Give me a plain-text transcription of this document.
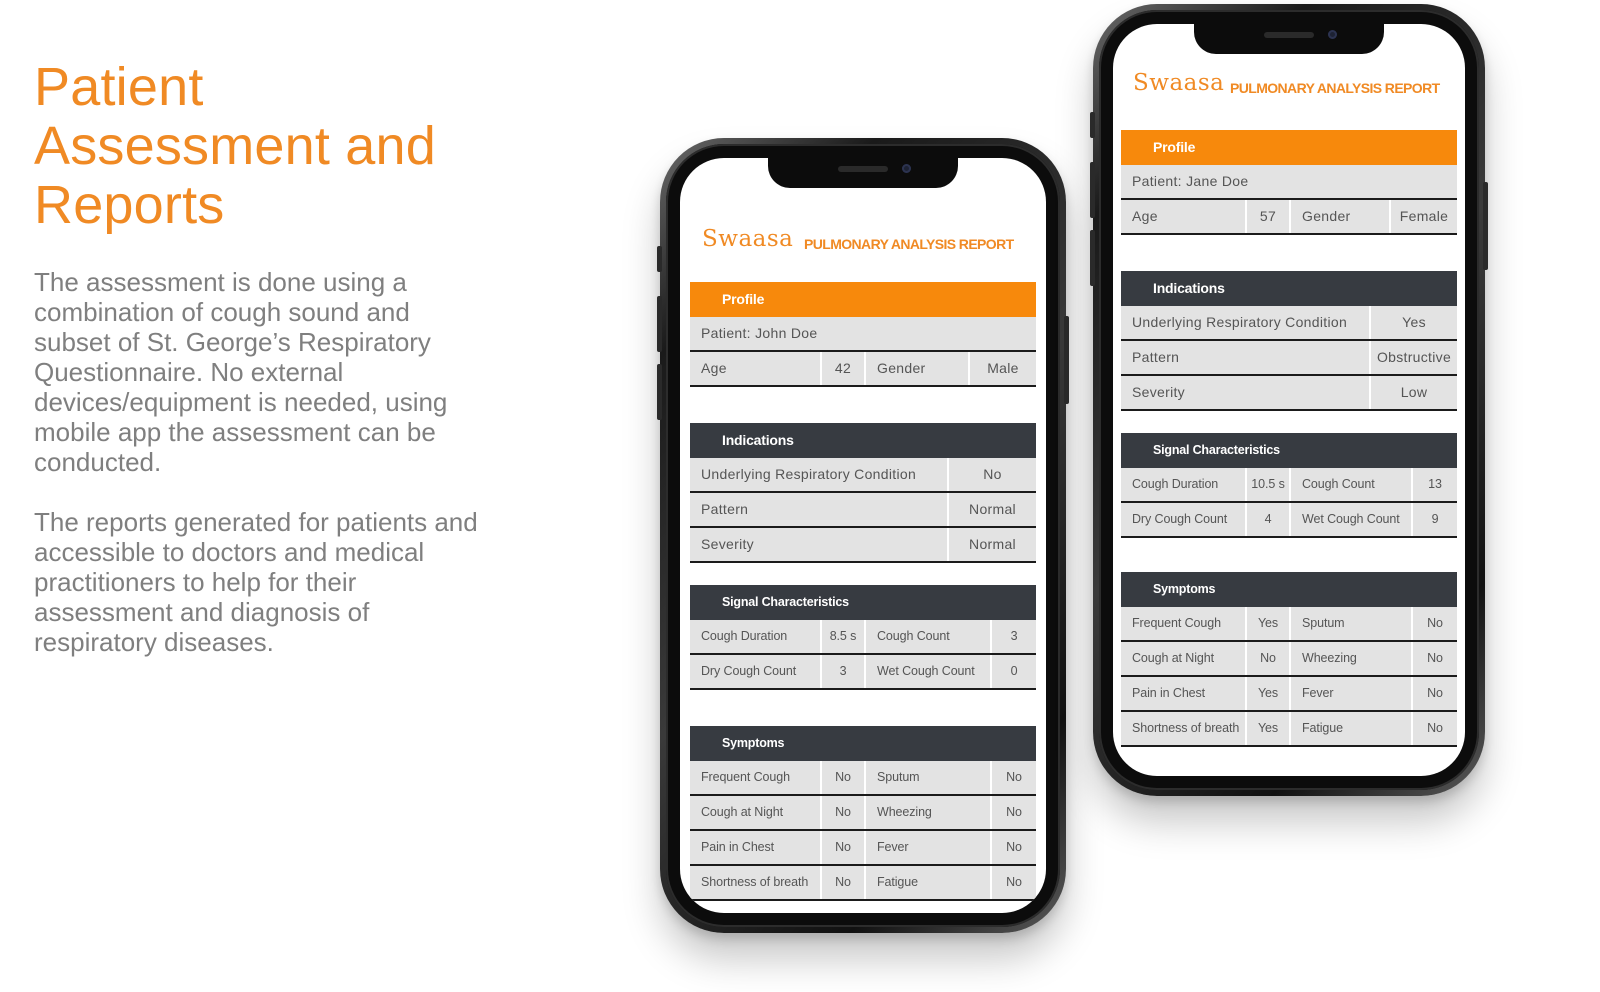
Patient
Assessment and
Reports
The assessment is done using a
combination of cough sound and
subset of St. George’s Respiratory
Questionnaire. No external
devices/equipment is needed, using
mobile app the assessment can be
conducted.
The reports generated for patients and
accessible to doctors and medical
practitioners to help for their
assessment and diagnosis of
respiratory diseases.
Swaasa PULMONARY ANALYSIS REPORT
Profile
Patient: John Doe
Age	42	Gender	Male
Indications
Underlying Respiratory Condition	No
Pattern	Normal
Severity	Normal
Signal Characteristics
Cough Duration	8.5 s	Cough Count	3
Dry Cough Count	3	Wet Cough Count	0
Symptoms
Frequent Cough	No	Sputum	No
Cough at Night	No	Wheezing	No
Pain in Chest	No	Fever	No
Shortness of breath	No	Fatigue	No
Swaasa PULMONARY ANALYSIS REPORT
Profile
Patient: Jane Doe
Age	57	Gender	Female
Indications
Underlying Respiratory Condition	Yes
Pattern	Obstructive
Severity	Low
Signal Characteristics
Cough Duration	10.5 s	Cough Count	13
Dry Cough Count	4	Wet Cough Count	9
Symptoms
Frequent Cough	Yes	Sputum	No
Cough at Night	No	Wheezing	No
Pain in Chest	Yes	Fever	No
Shortness of breath	Yes	Fatigue	No
